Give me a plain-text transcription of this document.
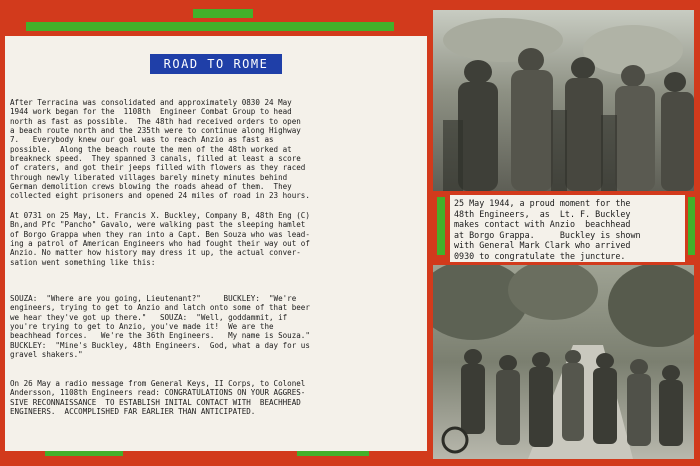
ROAD TO ROME
After Terracina was consolidated and approximately 0830 24 May
1944 work began for the  1108th  Engineer Combat Group to head
north as fast as possible.  The 48th had received orders to open
a beach route north and the 235th were to continue along Highway
7.   Everybody knew our goal was to reach Anzio as fast as
possible.  Along the beach route the men of the 48th worked at
breakneck speed.  They spanned 3 canals, filled at least a score
of craters, and got their jeeps filled with flowers as they raced
through newly liberated villages barely minety minutes behind
German demolition crews blowing the roads ahead of them.  They
collected eight prisoners and opened 24 miles of road in 23 hours.
At 0731 on 25 May, Lt. Francis X. Buckley, Company B, 48th Eng (C)
Bn,and Pfc "Pancho" Gavalo, were walking past the sleeping hamlet
of Borgo Grappa when they ran into a Capt. Ben Souza who was lead-
ing a patrol of American Engineers who had fought their way out of
Anzio. No matter how history may dress it up, the actual conver-
sation went something like this:
SOUZA:  "Where are you going, Lieutenant?"     BUCKLEY:  "We're
engineers, trying to get to Anzio and latch onto some of that beer
we hear they've got up there."   SOUZA:  "Well, goddammit, if
you're trying to get to Anzio, you've made it!  We are the
beachhead forces.   We're the 36th Engineers.   My name is Souza."
BUCKLEY:  "Mine's Buckley, 48th Engineers.  God, what a day for us
gravel shakers."
On 26 May a radio message from General Keys, II Corps, to Colonel
Andersson, 1108th Engineers read: CONGRATULATIONS ON YOUR AGGRES-
SIVE RECONNAISSANCE  TO ESTABLISH INITAL CONTACT WITH  BEACHHEAD
ENGINEERS.  ACCOMPLISHED FAR EARLIER THAN ANTICIPATED.
25 May 1944, a proud moment for the
48th Engineers,  as  Lt. F. Buckley
makes contact with Anzio  beachhead
at Borgo Grappa.     Buckley is shown
with General Mark Clark who arrived
0930 to congratulate the juncture.
